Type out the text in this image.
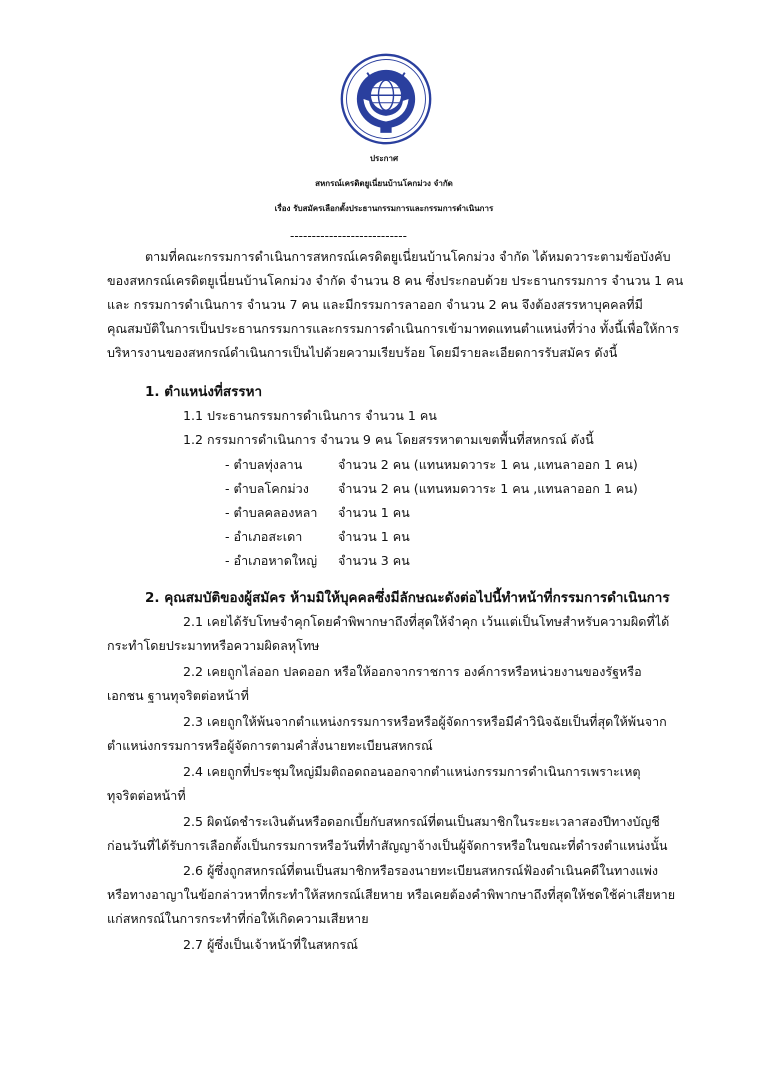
ประกาศ
สหกรณ์เครดิตยูเนี่ยนบ้านโคกม่วง จำกัด
เรื่อง รับสมัครเลือกตั้งประธานกรรมการและกรรมการดำเนินการ
---------------------------
ตามที่คณะกรรมการดำเนินการสหกรณ์เครดิตยูเนี่ยนบ้านโคกม่วง จำกัด ได้หมดวาระตามข้อบังคับ
ของสหกรณ์เครดิตยูเนี่ยนบ้านโคกม่วง จำกัด จำนวน 8 คน ซึ่งประกอบด้วย ประธานกรรมการ จำนวน 1 คน
และ กรรมการดำเนินการ จำนวน 7 คน และมีกรรมการลาออก จำนวน 2 คน จึงต้องสรรหาบุคคลที่มี
คุณสมบัติในการเป็นประธานกรรมการและกรรมการดำเนินการเข้ามาทดแทนตำแหน่งที่ว่าง ทั้งนี้เพื่อให้การ
บริหารงานของสหกรณ์ดำเนินการเป็นไปด้วยความเรียบร้อย โดยมีรายละเอียดการรับสมัคร ดังนี้
1. ตำแหน่งที่สรรหา
1.1 ประธานกรรมการดำเนินการ จำนวน 1 คน
1.2 กรรมการดำเนินการ จำนวน 9 คน โดยสรรหาตามเขตพื้นที่สหกรณ์ ดังนี้
- ตำบลทุ่งลาน	จำนวน 2 คน (แทนหมดวาระ 1 คน ,แทนลาออก 1 คน)
- ตำบลโคกม่วง จำนวน 2 คน (แทนหมดวาระ 1 คน ,แทนลาออก 1 คน)
- ตำบลคลองหลา จำนวน 1 คน
- อำเภอสะเดา	จำนวน 1 คน
- อำเภอหาดใหญ่ จำนวน 3 คน
2. คุณสมบัติของผู้สมัคร ห้ามมิให้บุคคลซึ่งมีลักษณะดังต่อไปนี้ทำหน้าที่กรรมการดำเนินการ
2.1 เคยได้รับโทษจำคุกโดยคำพิพากษาถึงที่สุดให้จำคุก เว้นแต่เป็นโทษสำหรับความผิดที่ได้
กระทำโดยประมาทหรือความผิดลหุโทษ
2.2 เคยถูกไล่ออก ปลดออก หรือให้ออกจากราชการ องค์การหรือหน่วยงานของรัฐหรือ
เอกชน ฐานทุจริตต่อหน้าที่
2.3 เคยถูกให้พ้นจากตำแหน่งกรรมการหรือหรือผู้จัดการหรือมีคำวินิจฉัยเป็นที่สุดให้พ้นจาก
ตำแหน่งกรรมการหรือผู้จัดการตามคำสั่งนายทะเบียนสหกรณ์
2.4 เคยถูกที่ประชุมใหญ่มีมติถอดถอนออกจากตำแหน่งกรรมการดำเนินการเพราะเหตุ
ทุจริตต่อหน้าที่
2.5 ผิดนัดชำระเงินต้นหรือดอกเบี้ยกับสหกรณ์ที่ตนเป็นสมาชิกในระยะเวลาสองปีทางบัญชี
ก่อนวันที่ได้รับการเลือกตั้งเป็นกรรมการหรือวันที่ทำสัญญาจ้างเป็นผู้จัดการหรือในขณะที่ดำรงตำแหน่งนั้น
2.6 ผู้ซึ่งถูกสหกรณ์ที่ตนเป็นสมาชิกหรือรองนายทะเบียนสหกรณ์ฟ้องดำเนินคดีในทางแพ่ง
หรือทางอาญาในข้อกล่าวหาที่กระทำให้สหกรณ์เสียหาย หรือเคยต้องคำพิพากษาถึงที่สุดให้ชดใช้ค่าเสียหาย
แก่สหกรณ์ในการกระทำที่ก่อให้เกิดความเสียหาย
2.7 ผู้ซึ่งเป็นเจ้าหน้าที่ในสหกรณ์
